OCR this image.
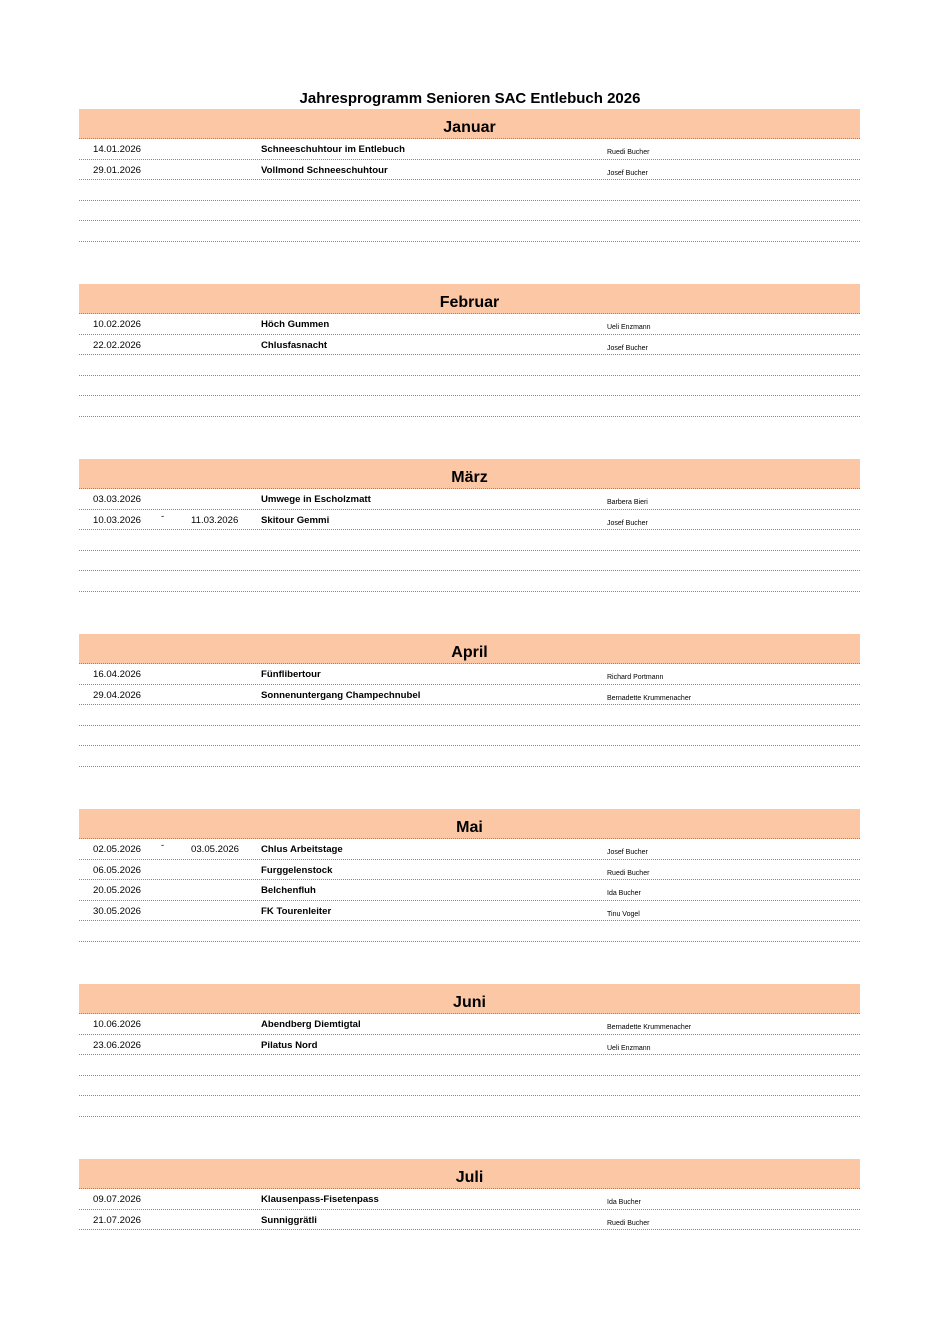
Jahresprogramm Senioren SAC Entlebuch 2026
Januar
14.01.2026	Schneeschuhtour im Entlebuch	Ruedi Bucher
29.01.2026	Vollmond Schneeschuhtour	Josef Bucher
Februar
10.02.2026	Höch Gummen	Ueli Enzmann
22.02.2026	Chlusfasnacht	Josef Bucher
März
03.03.2026	Umwege in Escholzmatt	Barbera Bieri
10.03.2026 -	11.03.2026 Skitour Gemmi	Josef Bucher
April
16.04.2026	Fünflibertour	Richard Portmann
29.04.2026	Sonnenuntergang Champechnubel	Bernadette Krummenacher
Mai
02.05.2026 -	03.05.2026 Chlus Arbeitstage	Josef Bucher
06.05.2026	Furggelenstock	Ruedi Bucher
20.05.2026	Belchenfluh	Ida Bucher
30.05.2026	FK Tourenleiter	Tinu Vogel
Juni
10.06.2026	Abendberg Diemtigtal	Bernadette Krummenacher
23.06.2026	Pilatus Nord	Ueli Enzmann
Juli
09.07.2026	Klausenpass-Fisetenpass	Ida Bucher
21.07.2026	Sunniggrätli	Ruedi Bucher
